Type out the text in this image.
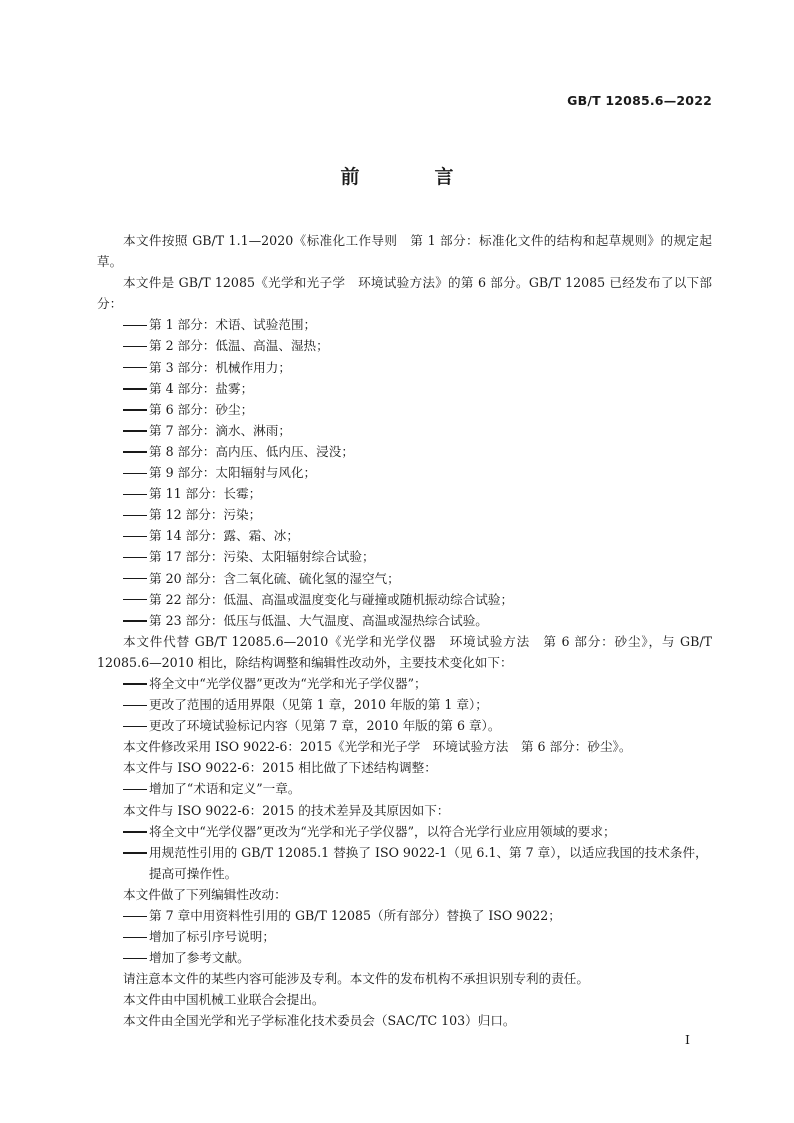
GB/T 12085.6—2022
前　言

本文件按照 GB/T 1.1—2020《标准化工作导则　第 1 部分：标准化文件的结构和起草规则》的规定起草。

本文件是 GB/T 12085《光学和光子学　环境试验方法》的第 6 部分。GB/T 12085 已经发布了以下部分：

第 1 部分：术语、试验范围；

第 2 部分：低温、高温、湿热；

第 3 部分：机械作用力；

第 4 部分：盐雾；

第 6 部分：砂尘；

第 7 部分：滴水、淋雨；

第 8 部分：高内压、低内压、浸没；

第 9 部分：太阳辐射与风化；

第 11 部分：长霉；

第 12 部分：污染；

第 14 部分：露、霜、冰；

第 17 部分：污染、太阳辐射综合试验；

第 20 部分：含二氧化硫、硫化氢的湿空气；

第 22 部分：低温、高温或温度变化与碰撞或随机振动综合试验；

第 23 部分：低压与低温、大气温度、高温或湿热综合试验。

本文件代替 GB/T 12085.6—2010《光学和光学仪器　环境试验方法　第 6 部分：砂尘》，与 GB/T 12085.6—2010 相比，除结构调整和编辑性改动外，主要技术变化如下：

将全文中“光学仪器”更改为“光学和光子学仪器”；

更改了范围的适用界限（见第 1 章，2010 年版的第 1 章）；

更改了环境试验标记内容（见第 7 章，2010 年版的第 6 章）。

本文件修改采用 ISO 9022-6：2015《光学和光子学　环境试验方法　第 6 部分：砂尘》。

本文件与 ISO 9022-6：2015 相比做了下述结构调整：

增加了“术语和定义”一章。

本文件与 ISO 9022-6：2015 的技术差异及其原因如下：

将全文中“光学仪器”更改为“光学和光子学仪器”，以符合光学行业应用领域的要求；

用规范性引用的 GB/T 12085.1 替换了 ISO 9022-1（见 6.1、第 7 章），以适应我国的技术条件，提高可操作性。

本文件做了下列编辑性改动：

第 7 章中用资料性引用的 GB/T 12085（所有部分）替换了 ISO 9022；

增加了标引序号说明；

增加了参考文献。

请注意本文件的某些内容可能涉及专利。本文件的发布机构不承担识别专利的责任。

本文件由中国机械工业联合会提出。

本文件由全国光学和光子学标准化技术委员会（SAC/TC 103）归口。

I
